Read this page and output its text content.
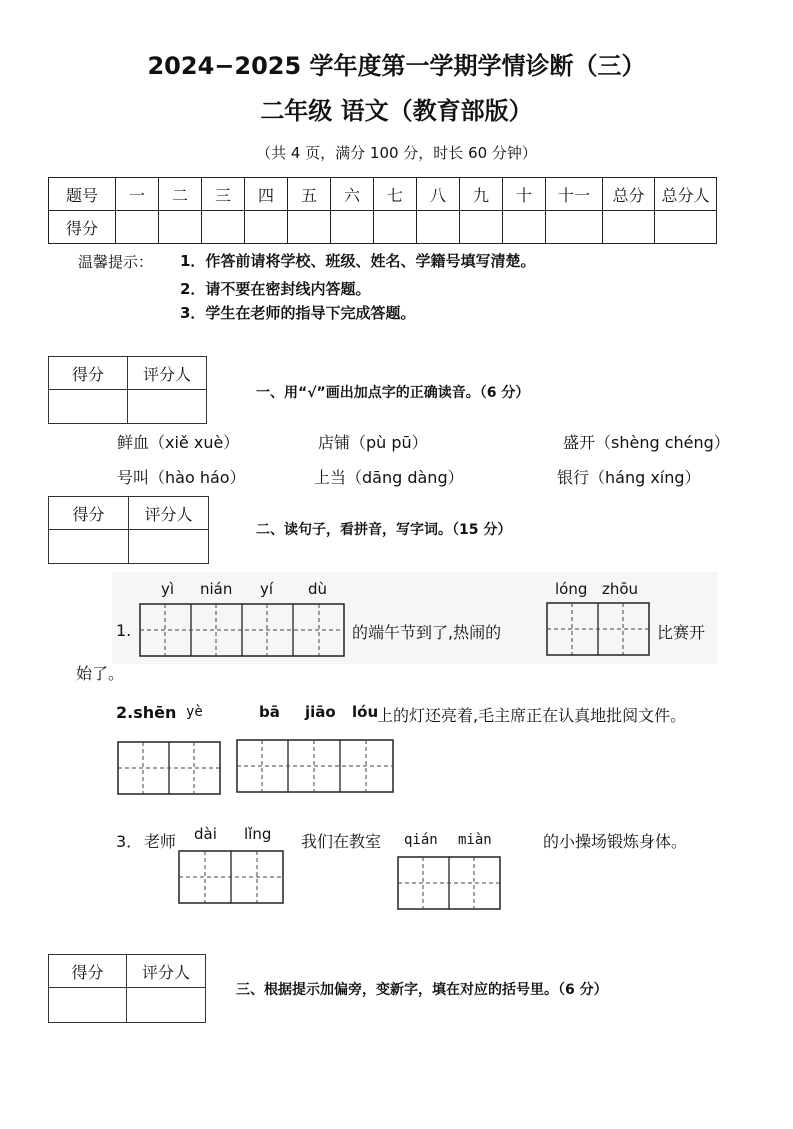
2024−2025 学年度第一学期学情诊断（三）
二年级 语文（教育部版）
（共 4 页，满分 100 分，时长 60 分钟）
题号	一	二	三	四	五	六	七	八	九	十	十一	总分	总分人
得分													
温馨提示： 1．作答前请将学校、班级、姓名、学籍号填写清楚。
2．请不要在密封线内答题。
3．学生在老师的指导下完成答题。
得分	评分人

一、用“√”画出加点字的正确读音。（6 分）
鲜血（xiě xuè）	店铺（pù pū）	盛开（shèng chéng）
号叫（hào háo）	上当（dāng dàng）	银行（háng xíng）
得分	评分人

二、读句子，看拼音，写字词。（15 分）
yì nián yí dù
1.	的端午节到了,热闹的
lóng zhōu
比赛开
始了。
2.shēn yè	bā jiāo lóu
上的灯还亮着,毛主席正在认真地批阅文件。
3． 老师 dài lǐng 我们在教室 qián miàn	的小操场锻炼身体。
得分	评分人

三、根据提示加偏旁，变新字，填在对应的括号里。（6 分）
